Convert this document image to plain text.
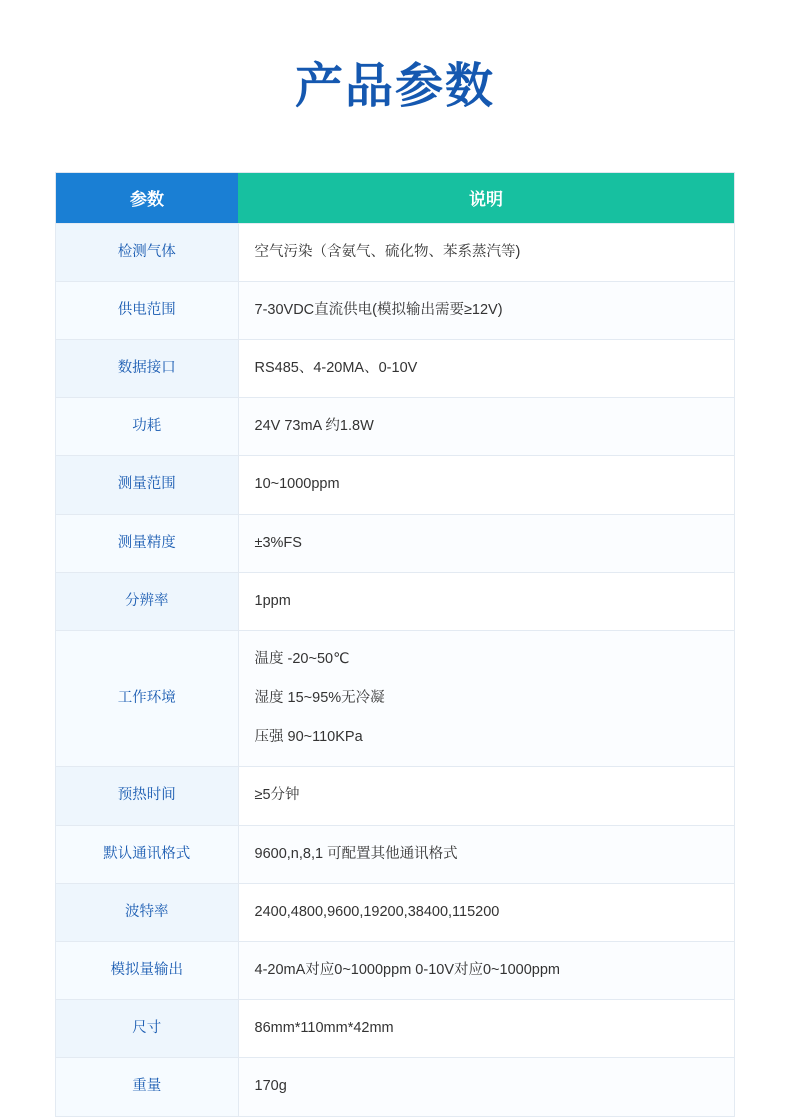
产品参数
参数	说明
检测气体	空气污染（含氨气、硫化物、苯系蒸汽等)

供电范围	7-30VDC直流供电(模拟输出需要≥12V)

数据接口	RS485、4-20MA、0-10V

功耗	24V 73mA 约1.8W

测量范围	10~1000ppm

测量精度	±3%FS

分辨率	1ppm

工作环境	温度 -20~50℃
湿度 15~95%无冷凝
压强 90~110KPa

预热时间	≥5分钟

默认通讯格式	9600,n,8,1 可配置其他通讯格式

波特率	2400,4800,9600,19200,38400,115200

模拟量输出	4-20mA对应0~1000ppm 0-10V对应0~1000ppm

尺寸	86mm*110mm*42mm

重量	170g
